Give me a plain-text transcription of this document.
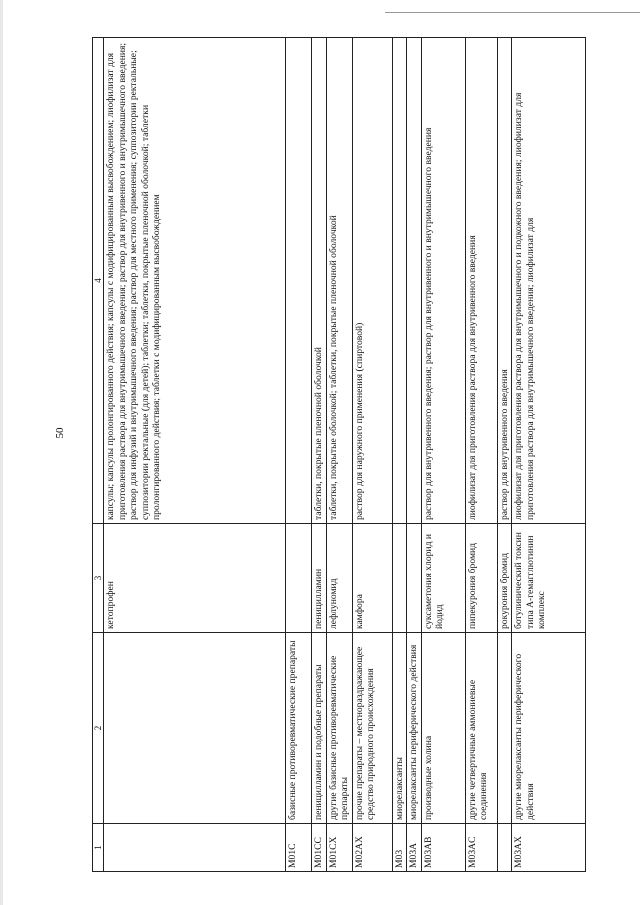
50
1	2	3	4
		кетопрофен	капсулы; капсулы пролонгированного действия; капсулы с модифицированным высвобождением; лиофилизат для приготовления раствора для внутримышечного введения; раствор для внутривенного и внутримышечного введения; раствор для инфузий и внутримышечного введения; раствор для местного применения; суппозитории ректальные; суппозитории ректальные (для детей); таблетки; таблетки, покрытые пленочной оболочкой; таблетки пролонгированного действия; таблетки с модифицированным высвобождением
M01C	базисные противоревматические препараты		
M01CC	пеницилламин и подобные препараты	пеницилламин	таблетки, покрытые пленочной оболочкой
M01CX	другие базисные противоревматические препараты	лефлуномид	таблетки, покрытые оболочкой; таблетки, покрытые пленочной оболочкой
M02AX	прочие препараты – местнораздражающее средство природного происхождения	камфора	раствор для наружного применения (спиртовой)
M03	миорелаксанты		
M03A	миорелаксанты периферического действия		
M03AB	производные холина	суксаметония хлорид и йодид	раствор для внутривенного введения; раствор для внутривенного и внутримышечного введения
M03AC	другие четвертичные аммониевые соединения	пипекурония бромид	лиофилизат для приготовления раствора для внутривенного введения
		рокурония бромид	раствор для внутривенного введения
M03AX	другие миорелаксанты периферического действия	ботулинический токсин типа А-гемагглютинин комплекс	лиофилизат для приготовления раствора для внутримышечного и подкожного введения; лиофилизат для приготовления раствора для внутримышечного введения; лиофилизат для
